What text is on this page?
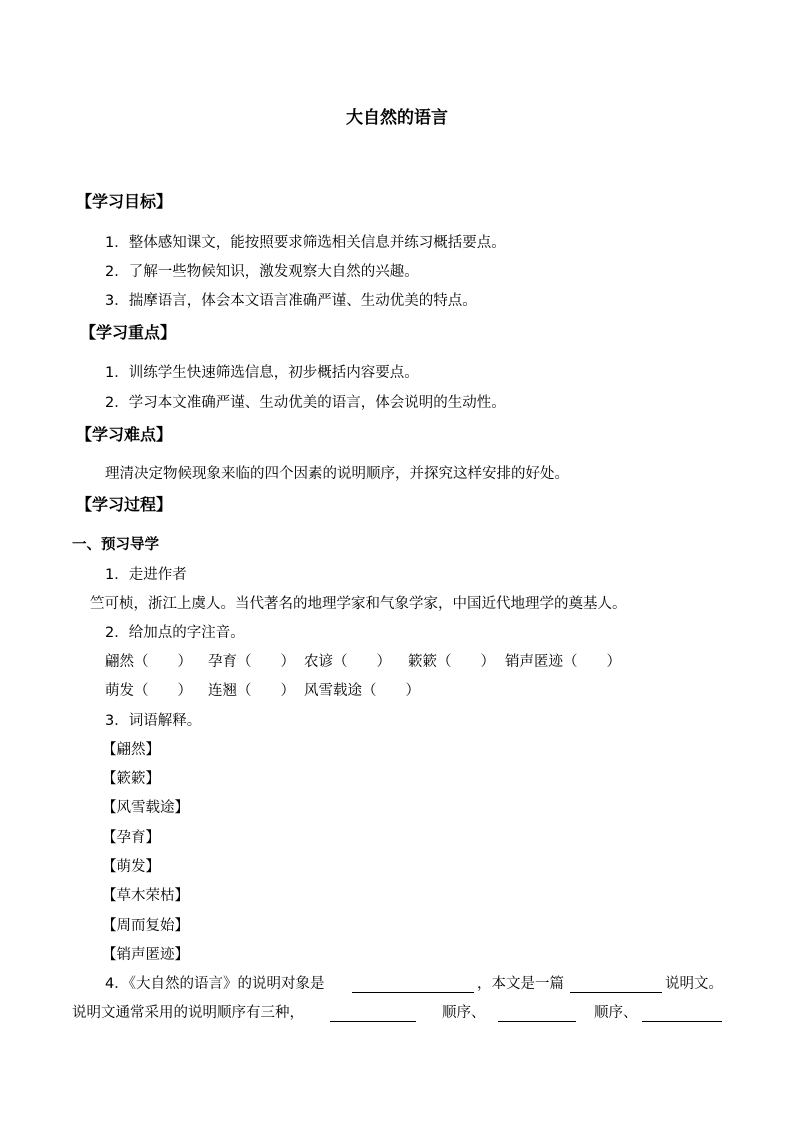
大自然的语言
【学习目标】
1．整体感知课文，能按照要求筛选相关信息并练习概括要点。
2．了解一些物候知识，激发观察大自然的兴趣。
3．揣摩语言，体会本文语言准确严谨、生动优美的特点。
【学习重点】
1．训练学生快速筛选信息，初步概括内容要点。
2．学习本文准确严谨、生动优美的语言，体会说明的生动性。
【学习难点】
理清决定物候现象来临的四个因素的说明顺序，并探究这样安排的好处。
【学习过程】
一、预习导学
1．走进作者
竺可桢，浙江上虞人。当代著名的地理学家和气象学家，中国近代地理学的奠基人。
2．给加点的字注音。
翩然（　　） 孕育（　　） 农谚（　　） 簌簌（　　） 销声匿迹（　　）
萌发（　　） 连翘（　　） 风雪载途（　　）
3．词语解释。
【翩然】
【簌簌】
【风雪载途】
【孕育】
【萌发】
【草木荣枯】
【周而复始】
【销声匿迹】
4．《大自然的语言》的说明对象是	，本文是一篇	说明文。
说明文通常采用的说明顺序有三种，	顺序、	顺序、
